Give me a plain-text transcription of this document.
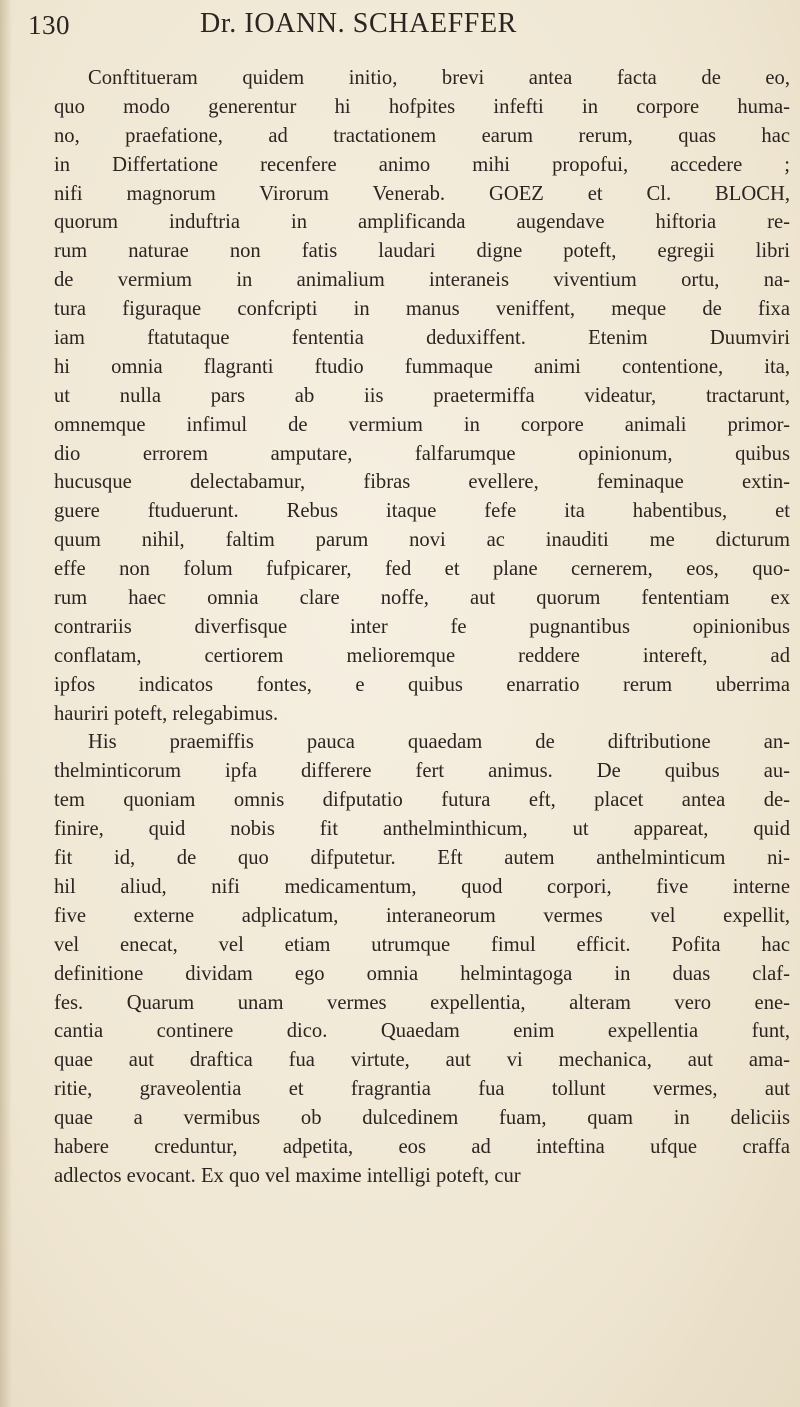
130	Dr. IOANN. SCHAEFFER
Conftitueram quidem initio, brevi antea facta de eo,
quo modo generentur hi hofpites infefti in corpore huma-
no, praefatione, ad tractationem earum rerum, quas hac
in Differtatione recenfere animo mihi propofui, accedere ;
nifi magnorum Virorum Venerab. GOEZ et Cl. BLOCH,
quorum induftria in amplificanda augendave hiftoria re-
rum naturae non fatis laudari digne poteft, egregii libri
de vermium in animalium interaneis viventium ortu, na-
tura figuraque confcripti in manus veniffent, meque de fixa
iam ftatutaque fententia deduxiffent. Etenim Duumviri
hi omnia flagranti ftudio fummaque animi contentione, ita,
ut nulla pars ab iis praetermiffa videatur, tractarunt,
omnemque infimul de vermium in corpore animali primor-
dio errorem amputare, falfarumque opinionum, quibus
hucusque delectabamur, fibras evellere, feminaque extin-
guere ftuduerunt. Rebus itaque fefe ita habentibus, et
quum nihil, faltim parum novi ac inauditi me dicturum
effe non folum fufpicarer, fed et plane cernerem, eos, quo-
rum haec omnia clare noffe, aut quorum fententiam ex
contrariis diverfisque inter fe pugnantibus opinionibus
conflatam, certiorem melioremque reddere intereft, ad
ipfos indicatos fontes, e quibus enarratio rerum uberrima
hauriri poteft, relegabimus.
His praemiffis pauca quaedam de diftributione an-
thelminticorum ipfa differere fert animus. De quibus au-
tem quoniam omnis difputatio futura eft, placet antea de-
finire, quid nobis fit anthelminthicum, ut appareat, quid
fit id, de quo difputetur. Eft autem anthelminticum ni-
hil aliud, nifi medicamentum, quod corpori, five interne
five externe adplicatum, interaneorum vermes vel expellit,
vel enecat, vel etiam utrumque fimul efficit. Pofita hac
definitione dividam ego omnia helmintagoga in duas claf-
fes. Quarum unam vermes expellentia, alteram vero ene-
cantia continere dico. Quaedam enim expellentia funt,
quae aut draftica fua virtute, aut vi mechanica, aut ama-
ritie, graveolentia et fragrantia fua tollunt vermes, aut
quae a vermibus ob dulcedinem fuam, quam in deliciis
habere creduntur, adpetita, eos ad inteftina ufque craffa
adlectos evocant. Ex quo vel maxime intelligi poteft, cur
